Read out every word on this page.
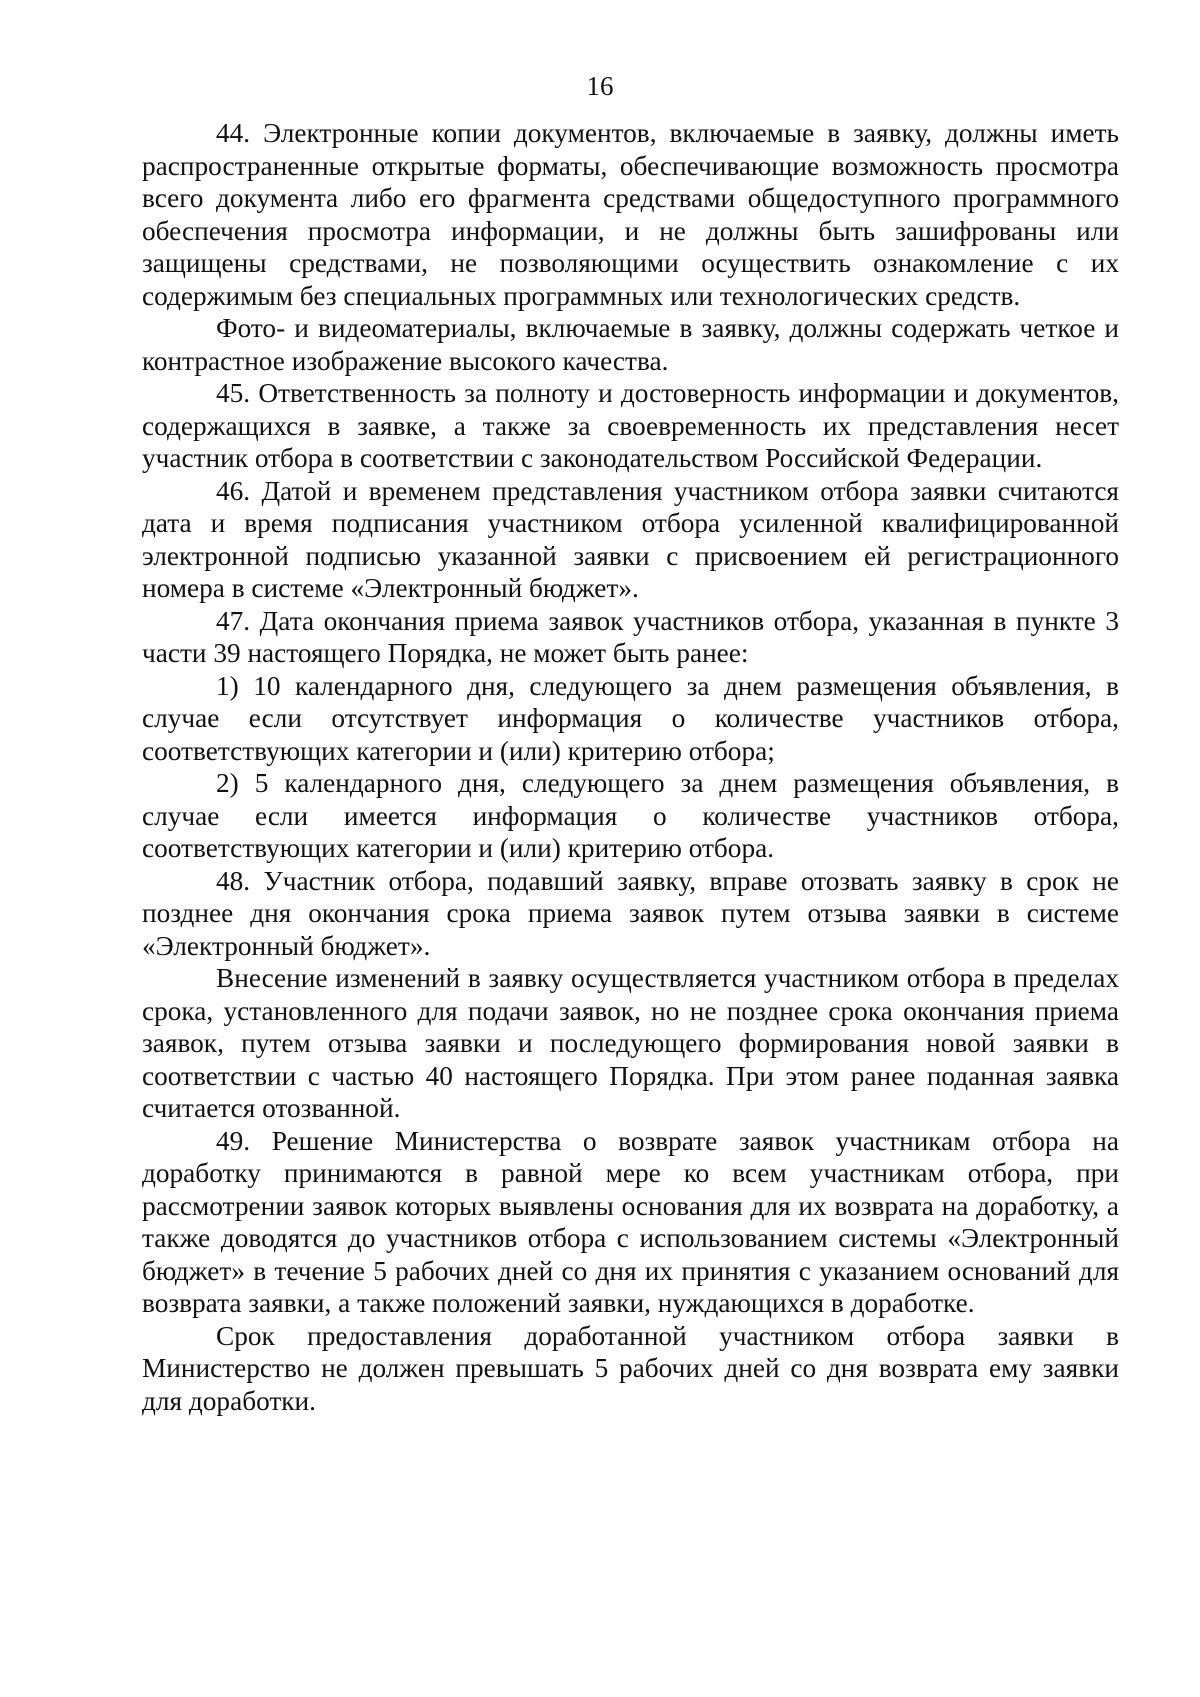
16

44. Электронные копии документов, включаемые в заявку, должны иметь распространенные открытые форматы, обеспечивающие возможность просмотра всего документа либо его фрагмента средствами общедоступного программного обеспечения просмотра информации, и не должны быть зашифрованы или защищены средствами, не позволяющими осуществить ознакомление с их содержимым без специальных программных или технологических средств.

Фото- и видеоматериалы, включаемые в заявку, должны содержать четкое и контрастное изображение высокого качества.

45. Ответственность за полноту и достоверность информации и документов, содержащихся в заявке, а также за своевременность их представления несет участник отбора в соответствии с законодательством Российской Федерации.

46. Датой и временем представления участником отбора заявки считаются дата и время подписания участником отбора усиленной квалифицированной электронной подписью указанной заявки с присвоением ей регистрационного номера в системе «Электронный бюджет».

47. Дата окончания приема заявок участников отбора, указанная в пункте 3 части 39 настоящего Порядка, не может быть ранее:

1) 10 календарного дня, следующего за днем размещения объявления, в случае если отсутствует информация о количестве участников отбора, соответствующих категории и (или) критерию отбора;

2) 5 календарного дня, следующего за днем размещения объявления, в случае если имеется информация о количестве участников отбора, соответствующих категории и (или) критерию отбора.

48. Участник отбора, подавший заявку, вправе отозвать заявку в срок не позднее дня окончания срока приема заявок путем отзыва заявки в системе «Электронный бюджет».

Внесение изменений в заявку осуществляется участником отбора в пределах срока, установленного для подачи заявок, но не позднее срока окончания приема заявок, путем отзыва заявки и последующего формирования новой заявки в соответствии с частью 40 настоящего Порядка. При этом ранее поданная заявка считается отозванной.

49. Решение Министерства о возврате заявок участникам отбора на доработку принимаются в равной мере ко всем участникам отбора, при рассмотрении заявок которых выявлены основания для их возврата на доработку, а также доводятся до участников отбора с использованием системы «Электронный бюджет» в течение 5 рабочих дней со дня их принятия с указанием оснований для возврата заявки, а также положений заявки, нуждающихся в доработке.

Срок предоставления доработанной участником отбора заявки в Министерство не должен превышать 5 рабочих дней со дня возврата ему заявки для доработки.
